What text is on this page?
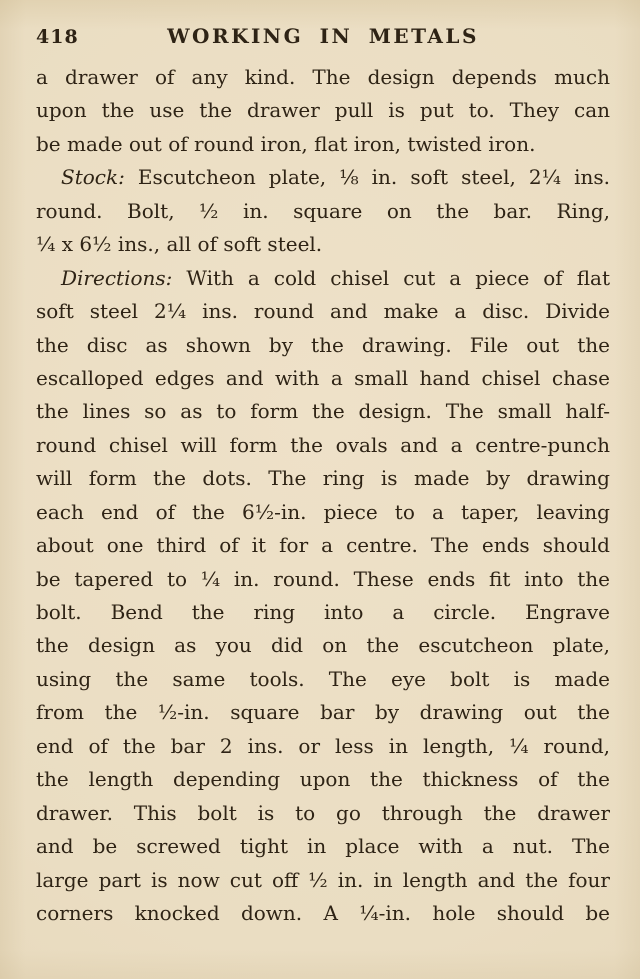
418	WORKING IN METALS
a drawer of any kind. The design depends much
upon the use the drawer pull is put to. They can
be made out of round iron, flat iron, twisted iron.
Stock: Escutcheon plate, ⅛ in. soft steel, 2¼ ins.
round. Bolt, ½ in. square on the bar. Ring,
¼ x 6½ ins., all of soft steel.
Directions: With a cold chisel cut a piece of flat
soft steel 2¼ ins. round and make a disc. Divide
the disc as shown by the drawing. File out the
escalloped edges and with a small hand chisel chase
the lines so as to form the design. The small half-
round chisel will form the ovals and a centre-punch
will form the dots. The ring is made by drawing
each end of the 6½-in. piece to a taper, leaving
about one third of it for a centre. The ends should
be tapered to ¼ in. round. These ends fit into the
bolt. Bend the ring into a circle. Engrave
the design as you did on the escutcheon plate,
using the same tools. The eye bolt is made
from the ½-in. square bar by drawing out the
end of the bar 2 ins. or less in length, ¼ round,
the length depending upon the thickness of the
drawer. This bolt is to go through the drawer
and be screwed tight in place with a nut. The
large part is now cut off ½ in. in length and the four
corners knocked down. A ¼-in. hole should be
